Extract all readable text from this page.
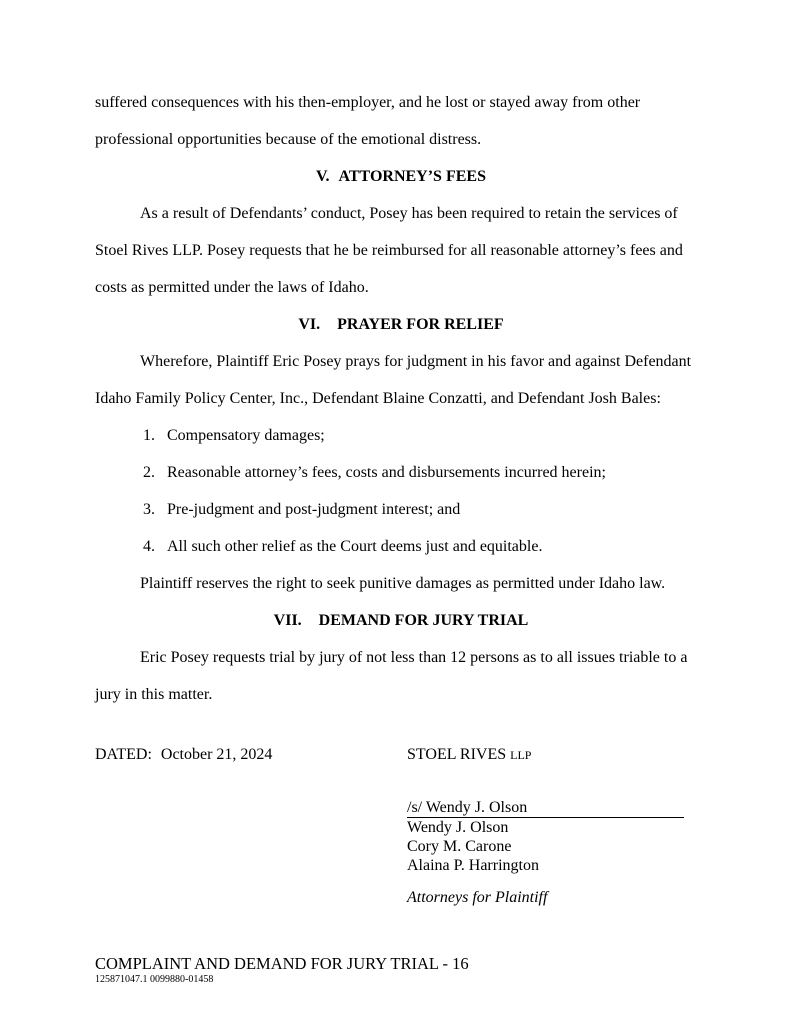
suffered consequences with his then-employer, and he lost or stayed away from other professional opportunities because of the emotional distress.

V. ATTORNEY’S FEES

As a result of Defendants’ conduct, Posey has been required to retain the services of Stoel Rives LLP. Posey requests that he be reimbursed for all reasonable attorney’s fees and costs as permitted under the laws of Idaho.

VI. PRAYER FOR RELIEF

Wherefore, Plaintiff Eric Posey prays for judgment in his favor and against Defendant Idaho Family Policy Center, Inc., Defendant Blaine Conzatti, and Defendant Josh Bales:

1. Compensatory damages;
2. Reasonable attorney’s fees, costs and disbursements incurred herein;
3. Pre-judgment and post-judgment interest; and
4. All such other relief as the Court deems just and equitable.

Plaintiff reserves the right to seek punitive damages as permitted under Idaho law.

VII. DEMAND FOR JURY TRIAL

Eric Posey requests trial by jury of not less than 12 persons as to all issues triable to a jury in this matter.

DATED: October 21, 2024	STOEL RIVES LLP
/s/ Wendy J. Olson
Wendy J. Olson
Cory M. Carone
Alaina P. Harrington
Attorneys for Plaintiff
COMPLAINT AND DEMAND FOR JURY TRIAL - 16
125871047.1 0099880-01458
